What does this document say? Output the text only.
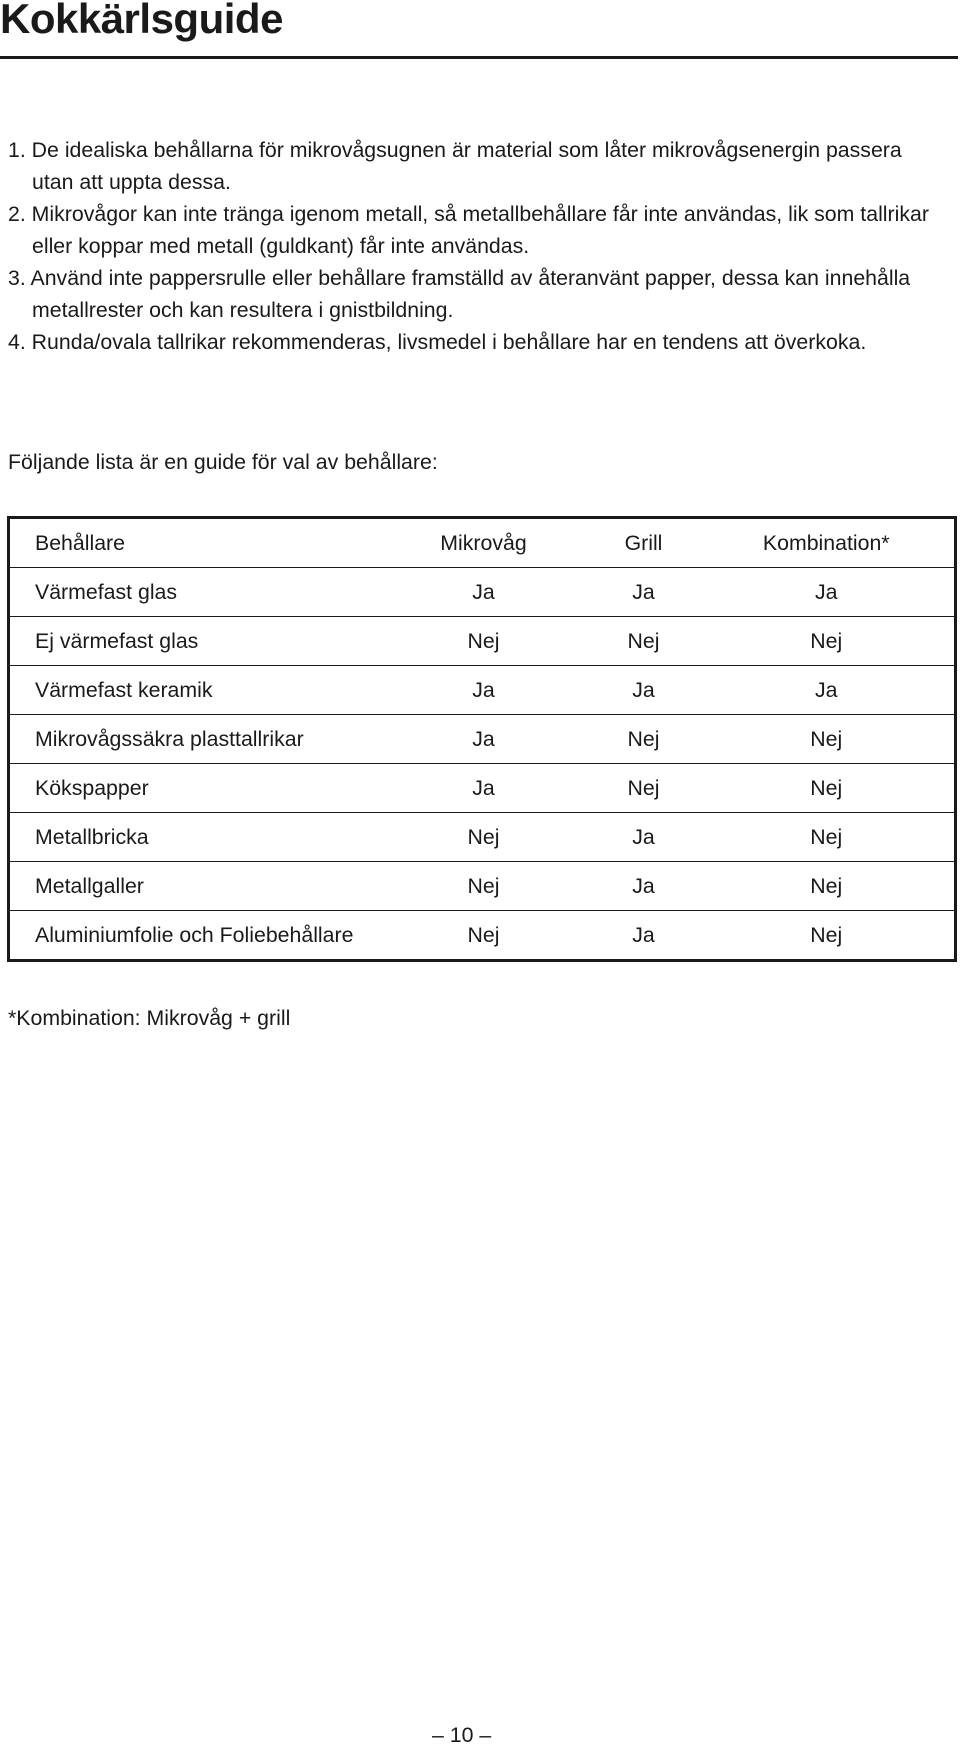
Kokkärlsguide
1. De idealiska behållarna för mikrovågsugnen är material som låter mikrovågsenergin passera utan att uppta dessa.
2. Mikrovågor kan inte tränga igenom metall, så metallbehållare får inte användas, lik som tallrikar eller koppar med metall (guldkant) får inte användas.
3. Använd inte pappersrulle eller behållare framställd av återanvänt papper, dessa kan innehålla metallrester och kan resultera i gnistbildning.
4. Runda/ovala tallrikar rekommenderas, livsmedel i behållare har en tendens att överkoka.

Följande lista är en guide för val av behållare:

Behållare	Mikrovåg	Grill	Kombination*
Värmefast glas	Ja	Ja	Ja
Ej värmefast glas	Nej	Nej	Nej
Värmefast keramik	Ja	Ja	Ja
Mikrovågssäkra plasttallrikar	Ja	Nej	Nej
Kökspapper	Ja	Nej	Nej
Metallbricka	Nej	Ja	Nej
Metallgaller	Nej	Ja	Nej
Aluminiumfolie och Foliebehållare	Nej	Ja	Nej

*Kombination: Mikrovåg + grill

– 10 –
